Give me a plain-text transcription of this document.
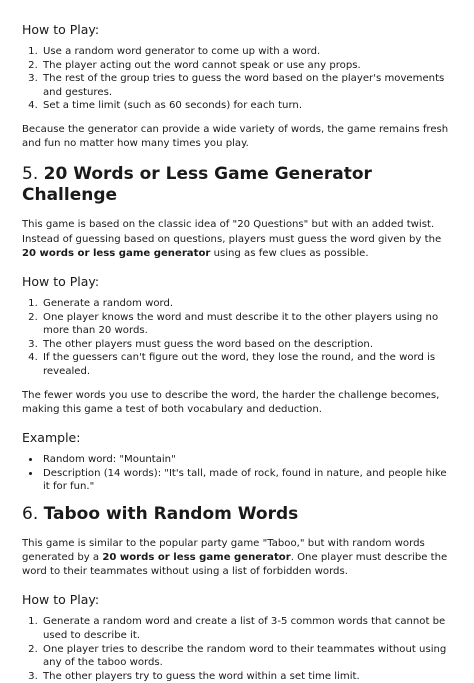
How to Play:
1. Use a random word generator to come up with a word.
2. The player acting out the word cannot speak or use any props.
3. The rest of the group tries to guess the word based on the player's movements and gestures.
4. Set a time limit (such as 60 seconds) for each turn.

Because the generator can provide a wide variety of words, the game remains fresh and fun no matter how many times you play.

5. 20 Words or Less Game Generator Challenge

This game is based on the classic idea of "20 Questions" but with an added twist. Instead of guessing based on questions, players must guess the word given by the 20 words or less game generator using as few clues as possible.

How to Play:
1. Generate a random word.
2. One player knows the word and must describe it to the other players using no more than 20 words.
3. The other players must guess the word based on the description.
4. If the guessers can't figure out the word, they lose the round, and the word is revealed.

The fewer words you use to describe the word, the harder the challenge becomes, making this game a test of both vocabulary and deduction.

Example:
• Random word: "Mountain"
• Description (14 words): "It's tall, made of rock, found in nature, and people hike it for fun."
6. Taboo with Random Words

This game is similar to the popular party game "Taboo," but with random words generated by a 20 words or less game generator. One player must describe the word to their teammates without using a list of forbidden words.

How to Play:
1. Generate a random word and create a list of 3-5 common words that cannot be used to describe it.
2. One player tries to describe the random word to their teammates without using any of the taboo words.
3. The other players try to guess the word within a set time limit.
